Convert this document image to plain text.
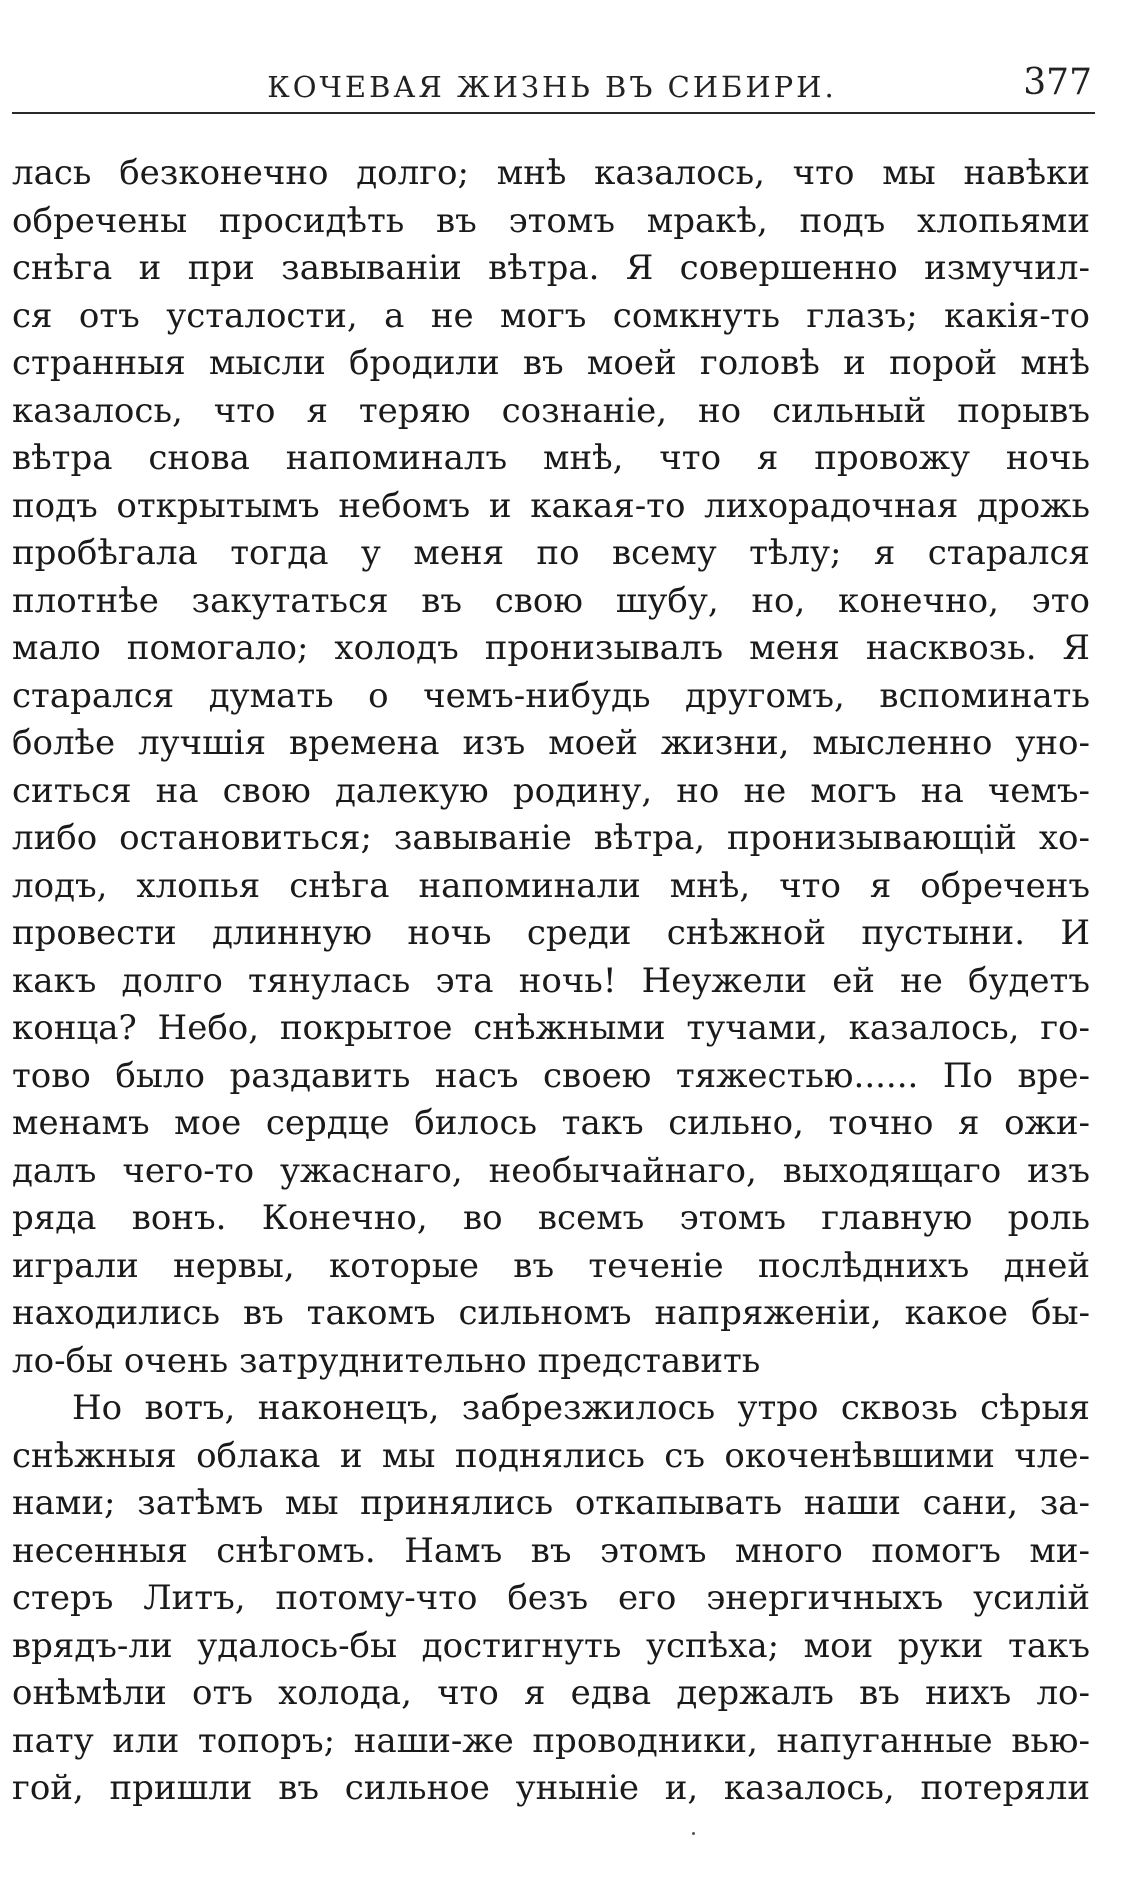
КОЧЕВАЯ ЖИЗНЬ ВЪ СИБИРИ.	377
лась безконечно долго; мнѣ казалось, что мы навѣки
обречены просидѣть въ этомъ мракѣ, подъ хлопьями
снѣга и при завываніи вѣтра. Я совершенно измучил-
ся отъ усталости, а не могъ сомкнуть глазъ; какія-то
странныя мысли бродили въ моей головѣ и порой мнѣ
казалось, что я теряю сознаніе, но сильный порывъ
вѣтра снова напоминалъ мнѣ, что я провожу ночь
подъ открытымъ небомъ и какая-то лихорадочная дрожь
пробѣгала тогда у меня по всему тѣлу; я старался
плотнѣе закутаться въ свою шубу, но, конечно, это
мало помогало; холодъ пронизывалъ меня насквозь. Я
старался думать о чемъ-нибудь другомъ, вспоминать
болѣе лучшія времена изъ моей жизни, мысленно уно-
ситься на свою далекую родину, но не могъ на чемъ-
либо остановиться; завываніе вѣтра, пронизывающій хо-
лодъ, хлопья снѣга напоминали мнѣ, что я обреченъ
провести длинную ночь среди снѣжной пустыни. И
какъ долго тянулась эта ночь! Неужели ей не будетъ
конца? Небо, покрытое снѣжными тучами, казалось, го-
тово было раздавить насъ своею тяжестью...... По вре-
менамъ мое сердце билось такъ сильно, точно я ожи-
далъ чего-то ужаснаго, необычайнаго, выходящаго изъ
ряда вонъ. Конечно, во всемъ этомъ главную роль
играли нервы, которые въ теченіе послѣднихъ дней
находились въ такомъ сильномъ напряженіи, какое бы-
ло-бы очень затруднительно представить
Но вотъ, наконецъ, забрезжилось утро сквозь сѣрыя
снѣжныя облака и мы поднялись съ окоченѣвшими чле-
нами; затѣмъ мы принялись откапывать наши сани, за-
несенныя снѣгомъ. Намъ въ этомъ много помогъ ми-
стеръ Литъ, потому-что безъ его энергичныхъ усилій
врядъ-ли удалось-бы достигнуть успѣха; мои руки такъ
онѣмѣли отъ холода, что я едва держалъ въ нихъ ло-
пату или топоръ; наши-же проводники, напуганные вью-
гой, пришли въ сильное уныніе и, казалось, потеряли
